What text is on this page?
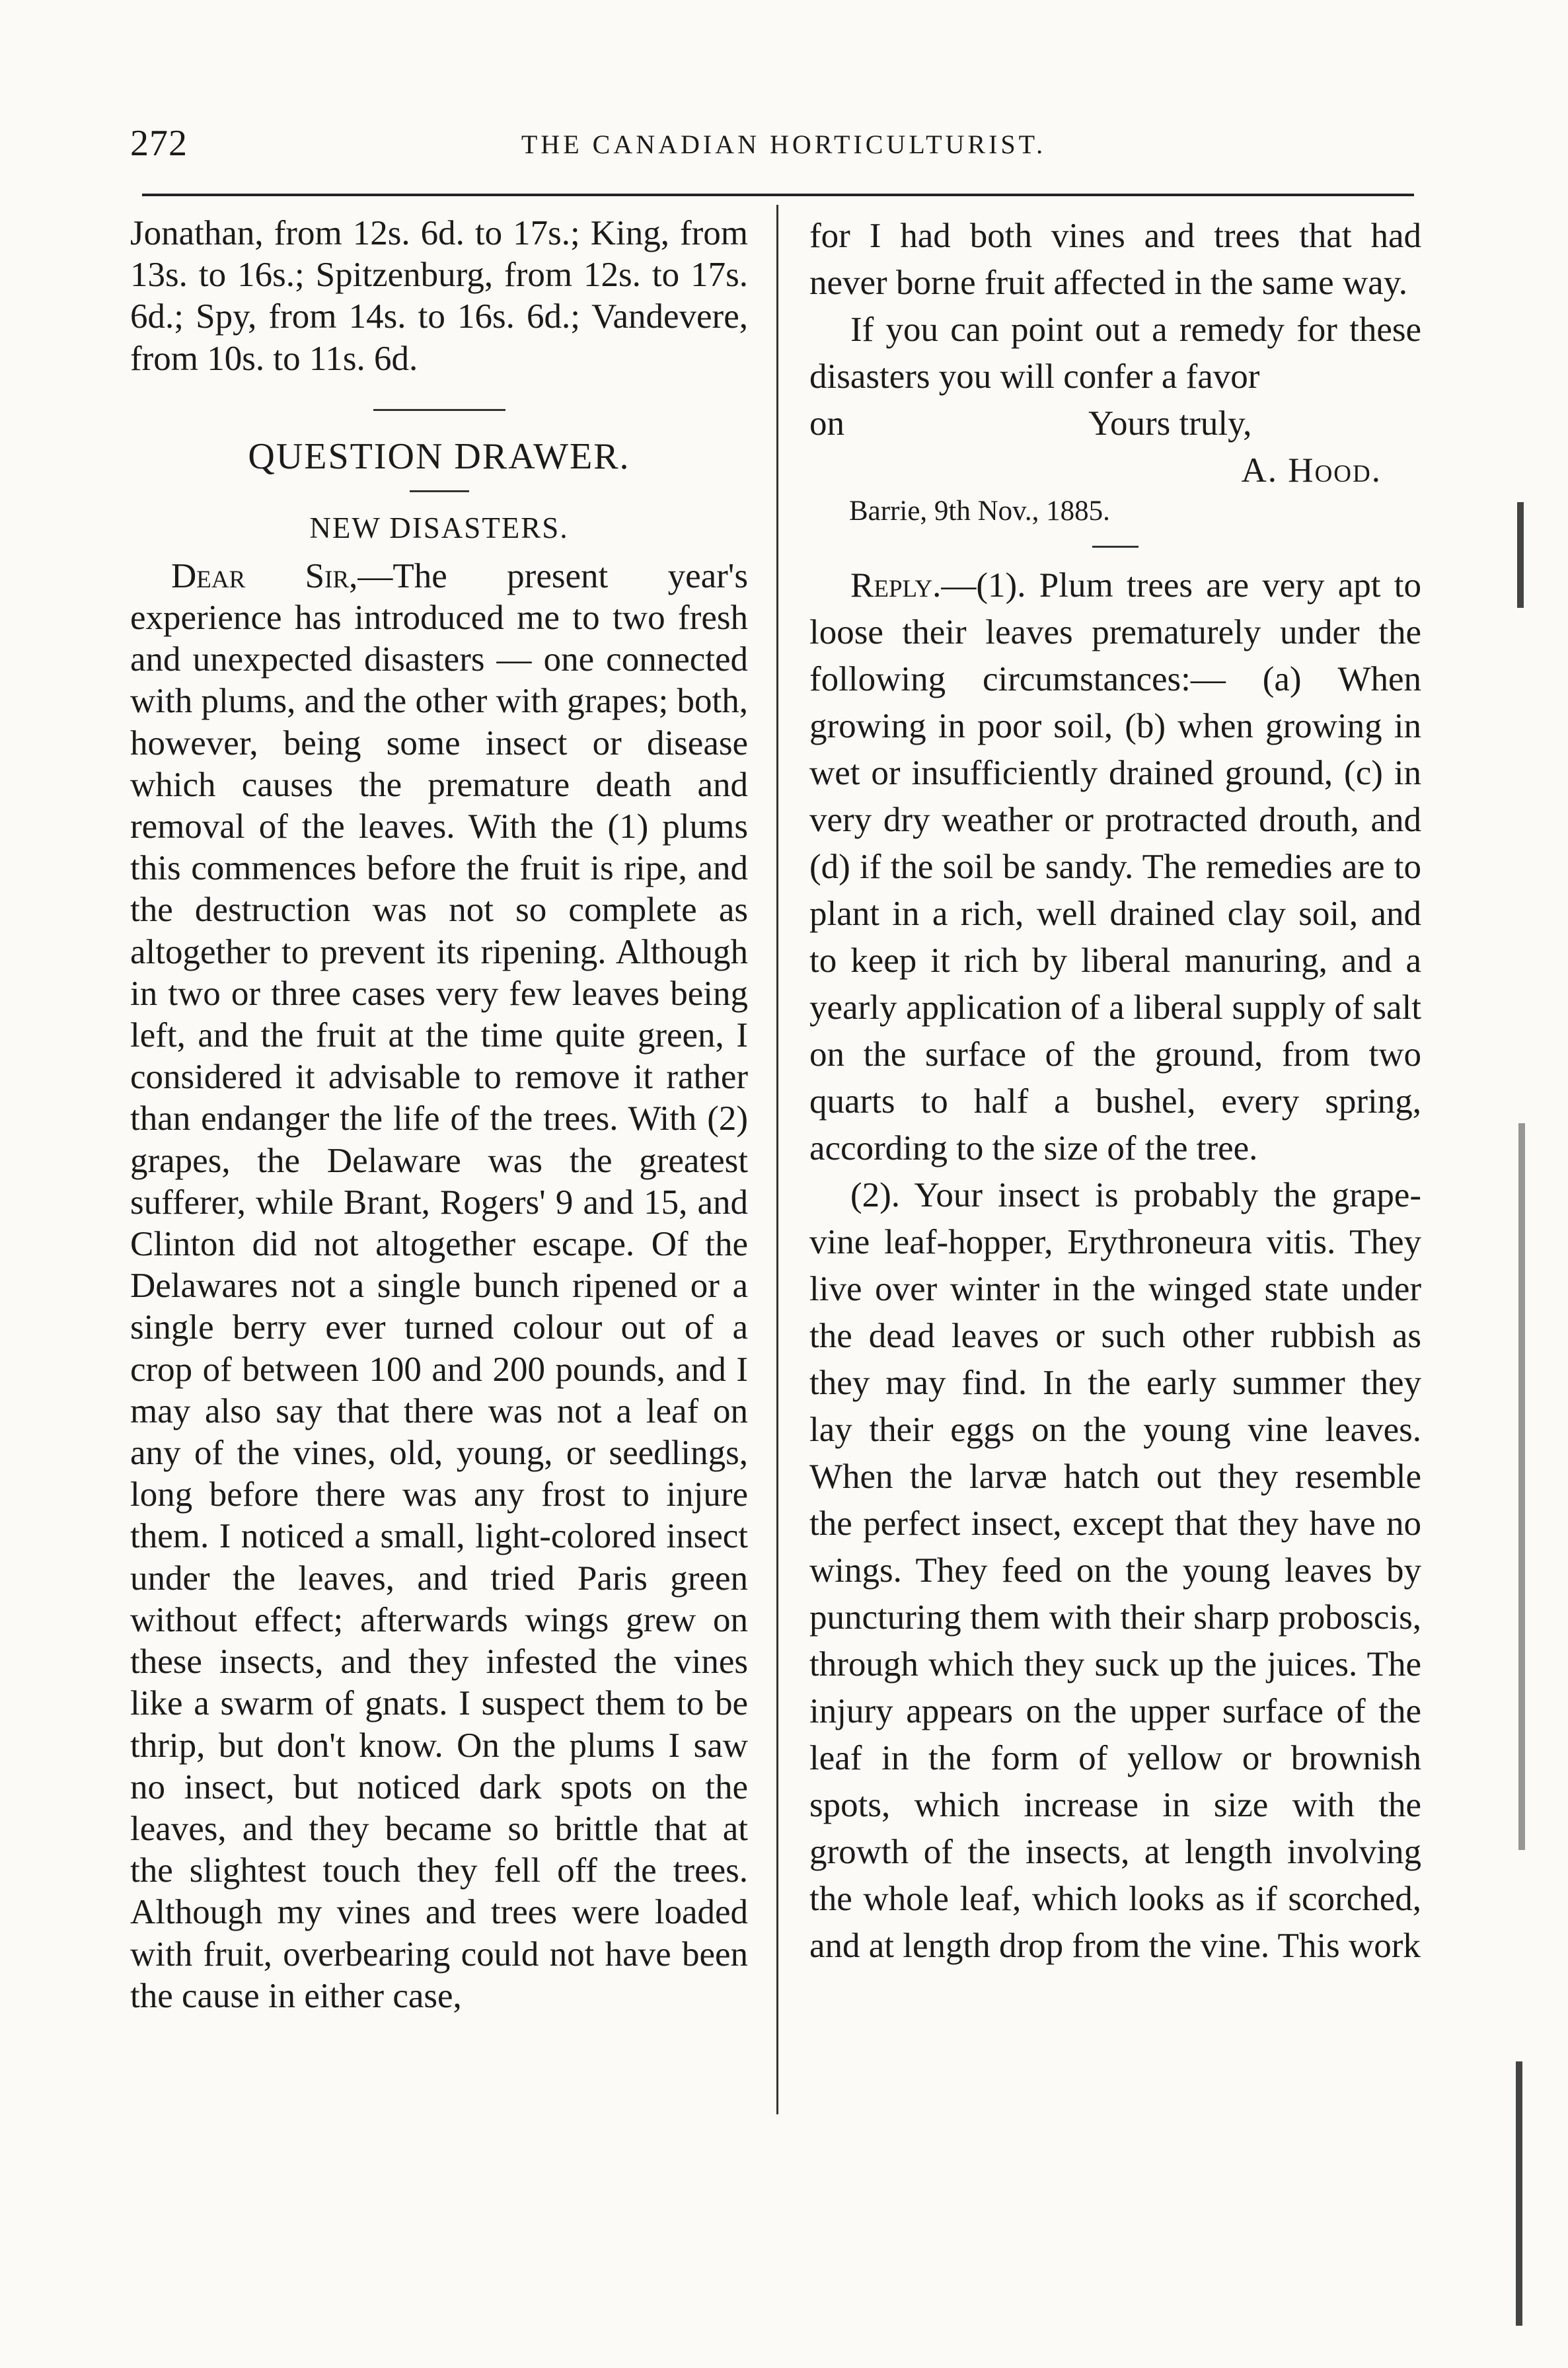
272	THE CANADIAN HORTICULTURIST.

Jonathan, from 12s. 6d. to 17s.; King, from 13s. to 16s.; Spitzenburg, from 12s. to 17s. 6d.; Spy, from 14s. to 16s. 6d.; Vandevere, from 10s. to 11s. 6d.

QUESTION DRAWER.
NEW DISASTERS.

Dear Sir,—The present year's experience has introduced me to two fresh and unexpected disasters — one connected with plums, and the other with grapes; both, however, being some insect or disease which causes the premature death and removal of the leaves. With the (1) plums this commences before the fruit is ripe, and the destruction was not so complete as altogether to prevent its ripening. Although in two or three cases very few leaves being left, and the fruit at the time quite green, I considered it advisable to remove it rather than endanger the life of the trees. With (2) grapes, the Delaware was the greatest sufferer, while Brant, Rogers' 9 and 15, and Clinton did not altogether escape. Of the Delawares not a single bunch ripened or a single berry ever turned colour out of a crop of between 100 and 200 pounds, and I may also say that there was not a leaf on any of the vines, old, young, or seedlings, long before there was any frost to injure them. I noticed a small, light-colored insect under the leaves, and tried Paris green without effect; afterwards wings grew on these insects, and they infested the vines like a swarm of gnats. I suspect them to be thrip, but don't know. On the plums I saw no insect, but noticed dark spots on the leaves, and they became so brittle that at the slightest touch they fell off the trees. Although my vines and trees were loaded with fruit, overbearing could not have been the cause in either case,

for I had both vines and trees that had never borne fruit affected in the same way.

If you can point out a remedy for these disasters you will confer a favor

on	Yours truly,
A. Hood.
Barrie, 9th Nov., 1885.

Reply.—(1). Plum trees are very apt to loose their leaves prematurely under the following circumstances:— (a) When growing in poor soil, (b) when growing in wet or insufficiently drained ground, (c) in very dry weather or protracted drouth, and (d) if the soil be sandy. The remedies are to plant in a rich, well drained clay soil, and to keep it rich by liberal manuring, and a yearly application of a liberal supply of salt on the surface of the ground, from two quarts to half a bushel, every spring, according to the size of the tree.

(2). Your insect is probably the grape-vine leaf-hopper, Erythroneura vitis. They live over winter in the winged state under the dead leaves or such other rubbish as they may find. In the early summer they lay their eggs on the young vine leaves. When the larvæ hatch out they resemble the perfect insect, except that they have no wings. They feed on the young leaves by puncturing them with their sharp proboscis, through which they suck up the juices. The injury appears on the upper surface of the leaf in the form of yellow or brownish spots, which increase in size with the growth of the insects, at length involving the whole leaf, which looks as if scorched, and at length drop from the vine. This work
